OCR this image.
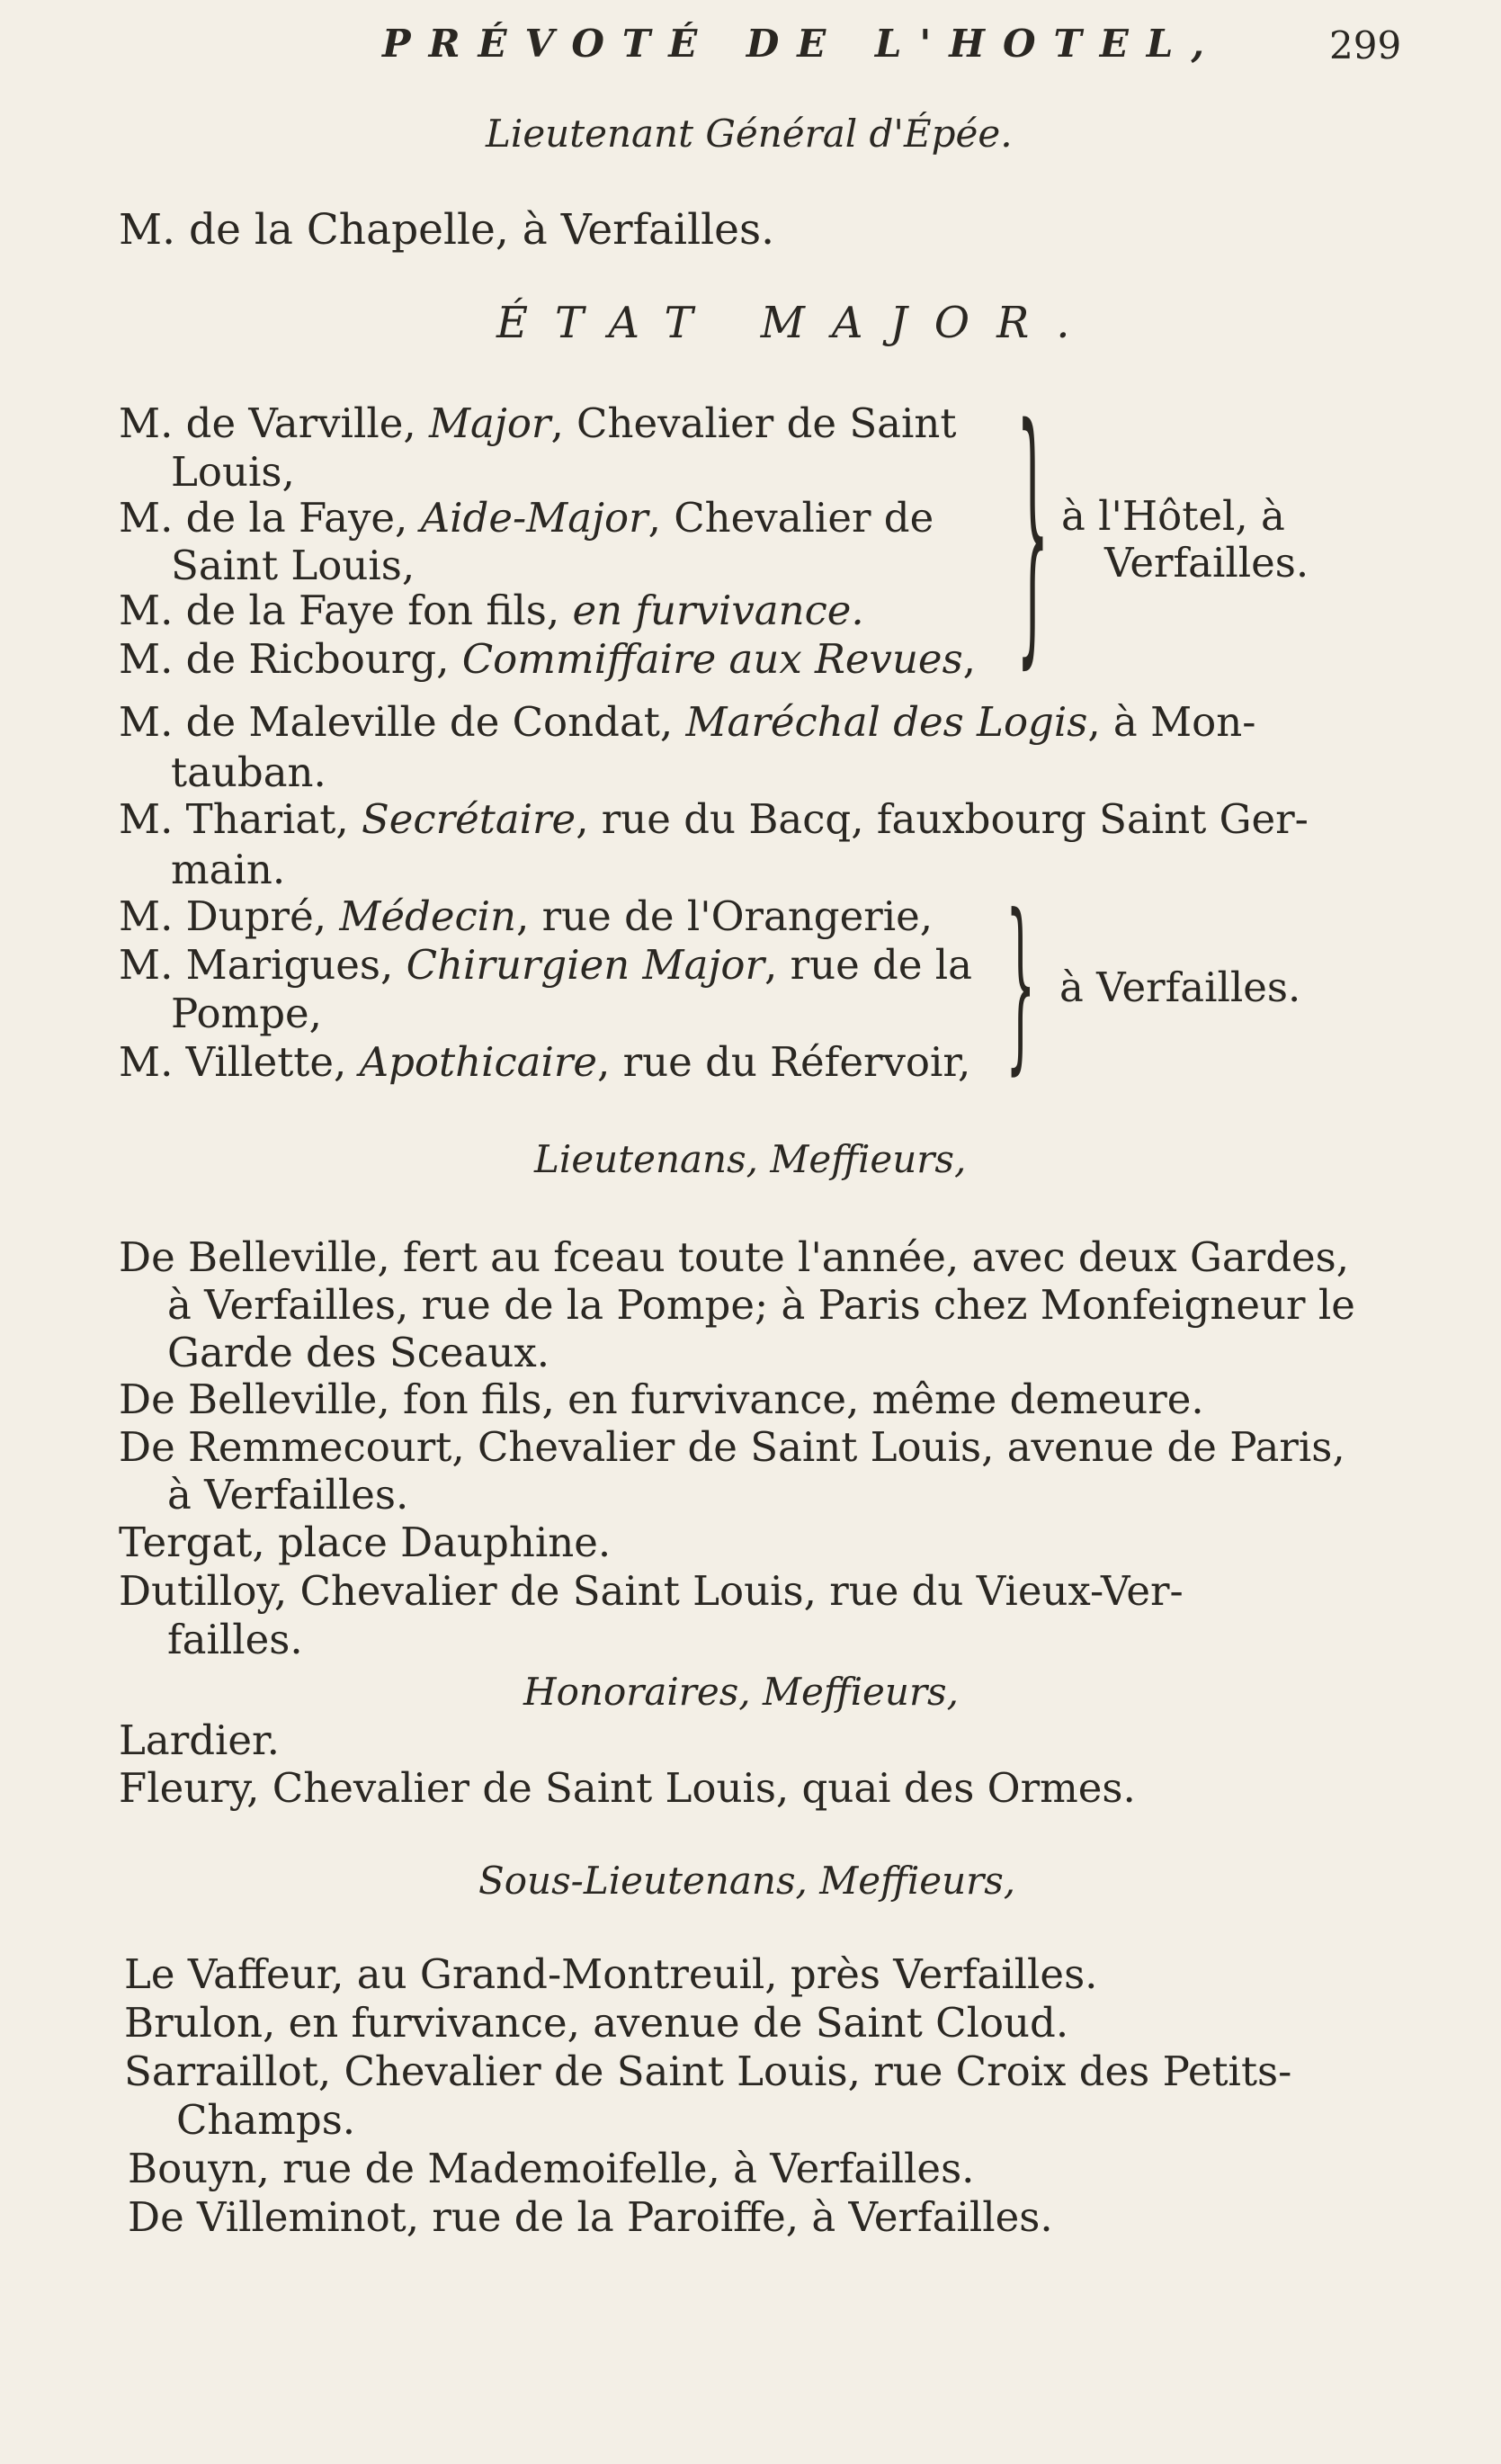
PRÉVOTÉ DE L'HOTEL,	299
Lieutenant Général d'Épée.
M. de la Chapelle, à Verfailles.
ÉTAT MAJOR.
M. de Varville, Major, Chevalier de Saint
Louis,
M. de la Faye, Aide-Major, Chevalier de
Saint Louis,
M. de la Faye fon fils, en furvivance.
M. de Ricbourg, Commiffaire aux Revues, } à l'Hôtel, à
Verfailles.
M. de Maleville de Condat, Maréchal des Logis, à Mon-
tauban.
M. Thariat, Secrétaire, rue du Bacq, fauxbourg Saint Ger-
main.
M. Dupré, Médecin, rue de l'Orangerie,
M. Marigues, Chirurgien Major, rue de la
Pompe,
M. Villette, Apothicaire, rue du Réfervoir, } à Verfailles.
Lieutenans, Meffieurs,
De Belleville, fert au fceau toute l'année, avec deux Gardes,
à Verfailles, rue de la Pompe; à Paris chez Monfeigneur le
Garde des Sceaux.
De Belleville, fon fils, en furvivance, même demeure.
De Remmecourt, Chevalier de Saint Louis, avenue de Paris,
à Verfailles.
Tergat, place Dauphine.
Dutilloy, Chevalier de Saint Louis, rue du Vieux-Ver-
failles.
Honoraires, Meffieurs,
Lardier.
Fleury, Chevalier de Saint Louis, quai des Ormes.
Sous-Lieutenans, Meffieurs,
Le Vaffeur, au Grand-Montreuil, près Verfailles.
Brulon, en furvivance, avenue de Saint Cloud.
Sarraillot, Chevalier de Saint Louis, rue Croix des Petits-
Champs.
Bouyn, rue de Mademoifelle, à Verfailles.
De Villeminot, rue de la Paroiffe, à Verfailles.
